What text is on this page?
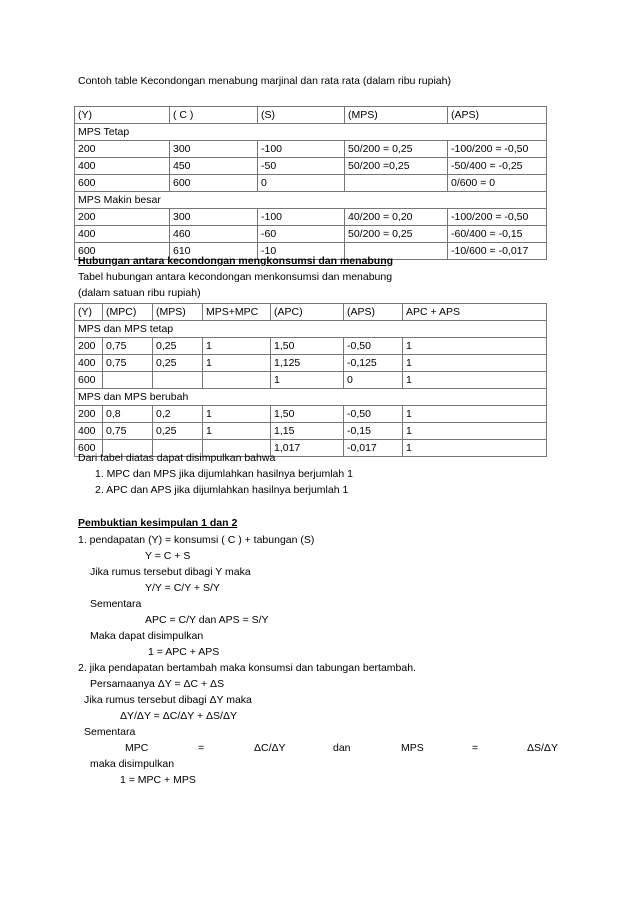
Contoh table Kecondongan menabung marjinal dan rata rata (dalam ribu rupiah)
(Y)	( C )	(S)	(MPS)	(APS)
MPS Tetap				
200	300	-100	50/200 = 0,25	-100/200 = -0,50
400	450	-50	50/200 =0,25	-50/400 = -0,25
600	600	0		0/600 = 0
MPS Makin besar				
200	300	-100	40/200 = 0,20	-100/200 = -0,50
400	460	-60	50/200 = 0,25	-60/400 = -0,15
600	610	-10		-10/600 = -0,017
Hubungan antara kecondongan mengkonsumsi dan menabung
Tabel hubungan antara kecondongan menkonsumsi dan menabung
(dalam satuan ribu rupiah)
(Y)	(MPC)	(MPS)	MPS+MPC	(APC)	(APS)	APC + APS
MPS dan MPS tetap						
200	0,75	0,25	1	1,50	-0,50	1
400	0,75	0,25	1	1,125	-0,125	1
600				1	0	1
MPS dan MPS berubah						
200	0,8	0,2	1	1,50	-0,50	1
400	0,75	0,25	1	1,15	-0,15	1
600				1,017	-0,017	1
Dari tabel diatas dapat disimpulkan bahwa
1. MPC dan MPS jika dijumlahkan hasilnya berjumlah 1
2. APC dan APS jika dijumlahkan hasilnya berjumlah 1
Pembuktian kesimpulan 1 dan 2
1. pendapatan (Y) = konsumsi ( C ) + tabungan (S)
Y = C + S
Jika rumus tersebut dibagi Y maka
Y/Y = C/Y + S/Y
Sementara
APC = C/Y dan APS = S/Y
Maka dapat disimpulkan
1 = APC + APS
2. jika pendapatan bertambah maka konsumsi dan tabungan bertambah.
Persamaanya ΔY = ΔC + ΔS
Jika rumus tersebut dibagi ΔY maka
ΔY/ΔY = ΔC/ΔY + ΔS/ΔY
Sementara
MPC	=	ΔC/ΔY	dan	MPS	=	ΔS/ΔY
maka disimpulkan
1 = MPC + MPS
